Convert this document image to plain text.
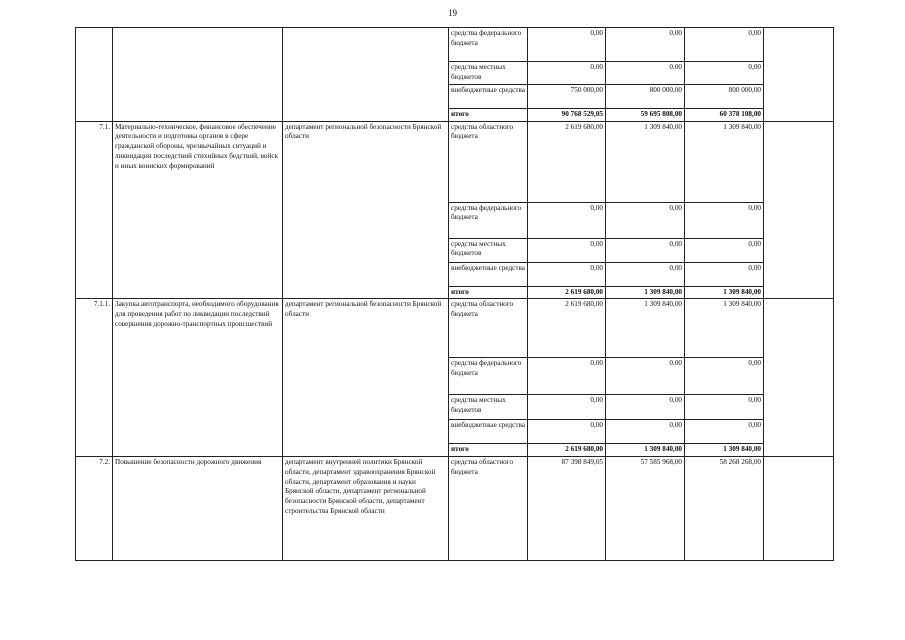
19
			средства федерального бюджета	0,00	0,00	0,00	
			средства местных бюджетов	0,00	0,00	0,00	
			внебюджетные средства	750 000,00	800 000,00	800 000,00	
			итого	90 768 529,05	59 695 808,00	60 378 108,00	
7.1.	Материально-техническое, финансовое обеспечение деятельности и подготовка органов в сфере гражданской обороны, чрезвычайных ситуаций и ликвидации последствий стихийных бедствий, войск и иных воинских формирований	департамент региональной безопасности Брянской области	средства областного бюджета	2 619 680,00	1 309 840,00	1 309 840,00	
			средства федерального бюджета	0,00	0,00	0,00	
			средства местных бюджетов	0,00	0,00	0,00	
			внебюджетные средства	0,00	0,00	0,00	
			итого	2 619 680,00	1 309 840,00	1 309 840,00	
7.1.1.	Закупка автотранспорта, необходимого оборудования для проведения работ по ликвидации последствий совершения дорожно-транспортных происшествий	департамент региональной безопасности Брянской области	средства областного бюджета	2 619 680,00	1 309 840,00	1 309 840,00	
			средства федерального бюджета	0,00	0,00	0,00	
			средства местных бюджетов	0,00	0,00	0,00	
			внебюджетные средства	0,00	0,00	0,00	
			итого	2 619 680,00	1 309 840,00	1 309 840,00	
7.2.	Повышение безопасности дорожного движения	департамент внутренней политики Брянской области, департамент здравоохранения Брянской области, департамент образования и науки Брянской области, департамент региональной безопасности Брянской области, департамент строительства Брянской области	средства областного бюджета	87 398 849,05	57 585 968,00	58 268 268,00	
